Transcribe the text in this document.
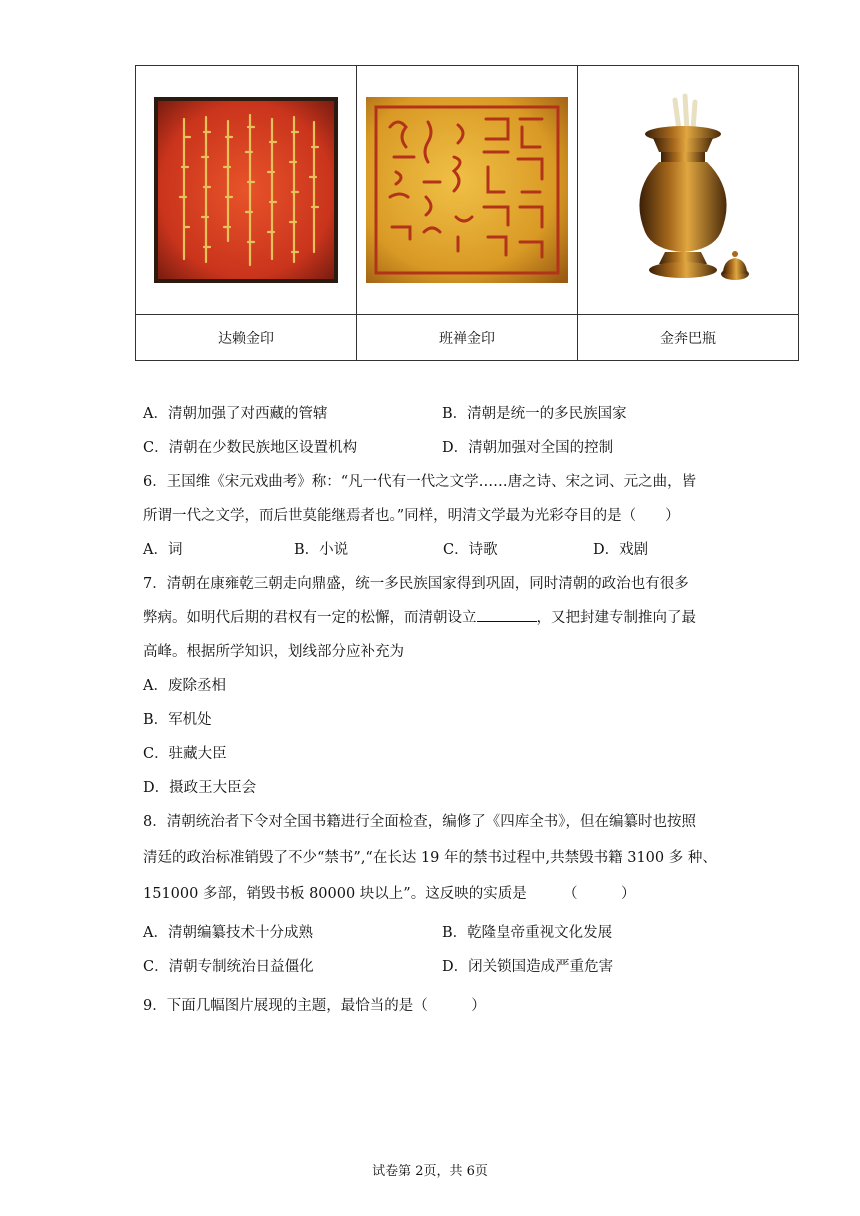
达赖金印	班禅金印	金奔巴瓶
A．清朝加强了对西藏的管辖	B．清朝是统一的多民族国家
C．清朝在少数民族地区设置机构	D．清朝加强对全国的控制
6．王国维《宋元戏曲考》称：“凡一代有一代之文学……唐之诗、宋之词、元之曲，皆
所谓一代之文学，而后世莫能继焉者也。”同样，明清文学最为光彩夺目的是（　　）
A．词	B．小说	C．诗歌	D．戏剧
7．清朝在康雍乾三朝走向鼎盛，统一多民族国家得到巩固，同时清朝的政治也有很多
弊病。如明代后期的君权有一定的松懈，而清朝设立	，又把封建专制推向了最
高峰。根据所学知识，划线部分应补充为
A．废除丞相
B．军机处
C．驻藏大臣
D．摄政王大臣会
8．清朝统治者下令对全国书籍进行全面检查，编修了《四库全书》，但在编纂时也按照
清廷的政治标准销毁了不少“禁书”,“在长达 19 年的禁书过程中,共禁毁书籍 3100 多 种、
151000 多部，销毁书板 80000 块以上”。这反映的实质是　　　（　　　）
A．清朝编纂技术十分成熟	B．乾隆皇帝重视文化发展
C．清朝专制统治日益僵化	D．闭关锁国造成严重危害
9．下面几幅图片展现的主题，最恰当的是（　　　）
试卷第 2页，共 6页
